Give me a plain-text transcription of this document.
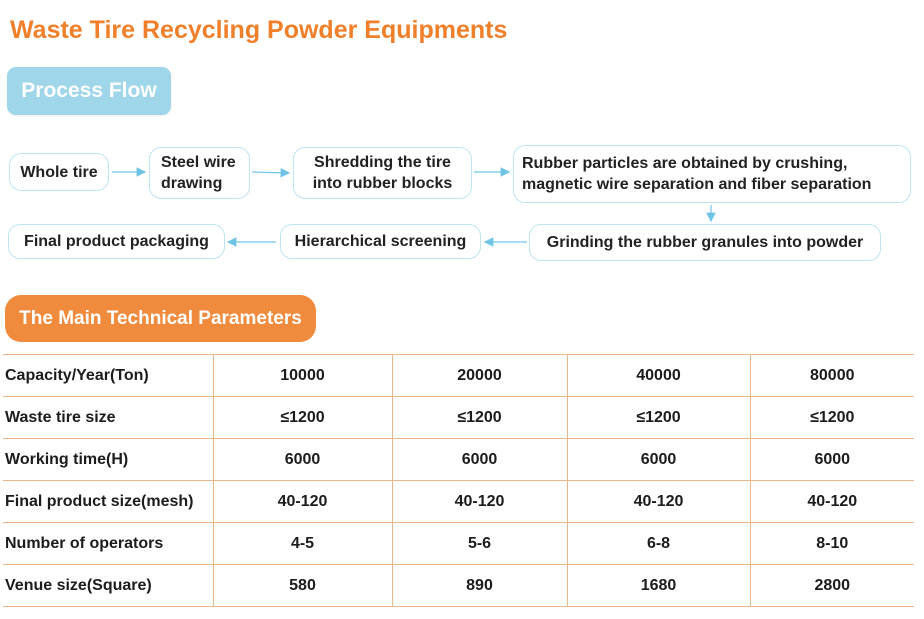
Waste Tire Recycling Powder Equipments
Process Flow
Whole tire
Steel wire
drawing
Shredding the tire
into rubber blocks
Rubber particles are obtained by crushing,
magnetic wire separation and fiber separation
Grinding the rubber granules into powder
Hierarchical screening
Final product packaging
The Main Technical Parameters
Capacity/Year(Ton)	10000	20000	40000	80000
Waste tire size	≤1200	≤1200	≤1200	≤1200
Working time(H)	6000	6000	6000	6000
Final product size(mesh)	40-120	40-120	40-120	40-120
Number of operators	4-5	5-6	6-8	8-10
Venue size(Square)	580	890	1680	2800
